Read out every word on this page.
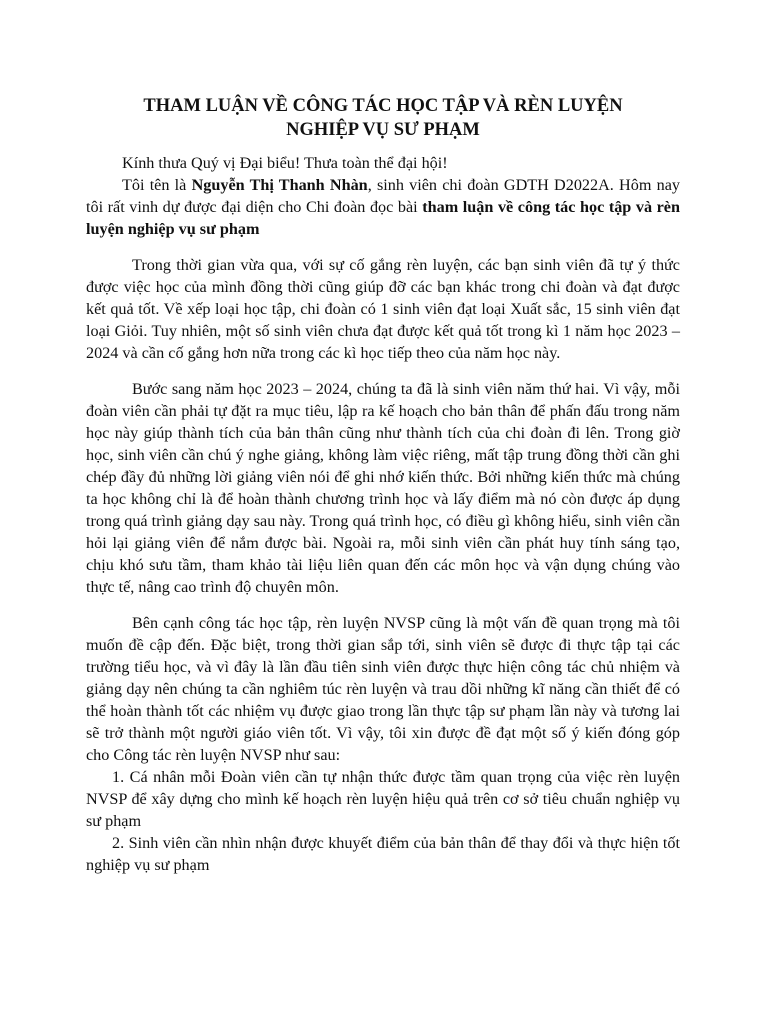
THAM LUẬN VỀ CÔNG TÁC HỌC TẬP VÀ RÈN LUYỆN
NGHIỆP VỤ SƯ PHẠM

Kính thưa Quý vị Đại biểu! Thưa toàn thể đại hội!

Tôi tên là Nguyễn Thị Thanh Nhàn, sinh viên chi đoàn GDTH D2022A. Hôm nay tôi rất vinh dự được đại diện cho Chi đoàn đọc bài tham luận về công tác học tập và rèn luyện nghiệp vụ sư phạm

Trong thời gian vừa qua, với sự cố gắng rèn luyện, các bạn sinh viên đã tự ý thức được việc học của mình đồng thời cũng giúp đỡ các bạn khác trong chi đoàn và đạt được kết quả tốt. Về xếp loại học tập, chi đoàn có 1 sinh viên đạt loại Xuất sắc, 15 sinh viên đạt loại Giỏi. Tuy nhiên, một số sinh viên chưa đạt được kết quả tốt trong kì 1 năm học 2023 – 2024 và cần cố gắng hơn nữa trong các kì học tiếp theo của năm học này.

Bước sang năm học 2023 – 2024, chúng ta đã là sinh viên năm thứ hai. Vì vậy, mỗi đoàn viên cần phải tự đặt ra mục tiêu, lập ra kế hoạch cho bản thân để phấn đấu trong năm học này giúp thành tích của bản thân cũng như thành tích của chi đoàn đi lên. Trong giờ học, sinh viên cần chú ý nghe giảng, không làm việc riêng, mất tập trung đồng thời cần ghi chép đầy đủ những lời giảng viên nói để ghi nhớ kiến thức. Bởi những kiến thức mà chúng ta học không chỉ là để hoàn thành chương trình học và lấy điểm mà nó còn được áp dụng trong quá trình giảng dạy sau này. Trong quá trình học, có điều gì không hiểu, sinh viên cần hỏi lại giảng viên để nắm được bài. Ngoài ra, mỗi sinh viên cần phát huy tính sáng tạo, chịu khó sưu tầm, tham khảo tài liệu liên quan đến các môn học và vận dụng chúng vào thực tế, nâng cao trình độ chuyên môn.

Bên cạnh công tác học tập, rèn luyện NVSP cũng là một vấn đề quan trọng mà tôi muốn đề cập đến. Đặc biệt, trong thời gian sắp tới, sinh viên sẽ được đi thực tập tại các trường tiểu học, và vì đây là lần đầu tiên sinh viên được thực hiện công tác chủ nhiệm và giảng dạy nên chúng ta cần nghiêm túc rèn luyện và trau dồi những kĩ năng cần thiết để có thể hoàn thành tốt các nhiệm vụ được giao trong lần thực tập sư phạm lần này và tương lai sẽ trở thành một người giáo viên tốt. Vì vậy, tôi xin được đề đạt một số ý kiến đóng góp cho Công tác rèn luyện NVSP như sau:

1. Cá nhân mỗi Đoàn viên cần tự nhận thức được tầm quan trọng của việc rèn luyện NVSP để xây dựng cho mình kế hoạch rèn luyện hiệu quả trên cơ sở tiêu chuẩn nghiệp vụ sư phạm

2. Sinh viên cần nhìn nhận được khuyết điểm của bản thân để thay đổi và thực hiện tốt nghiệp vụ sư phạm
